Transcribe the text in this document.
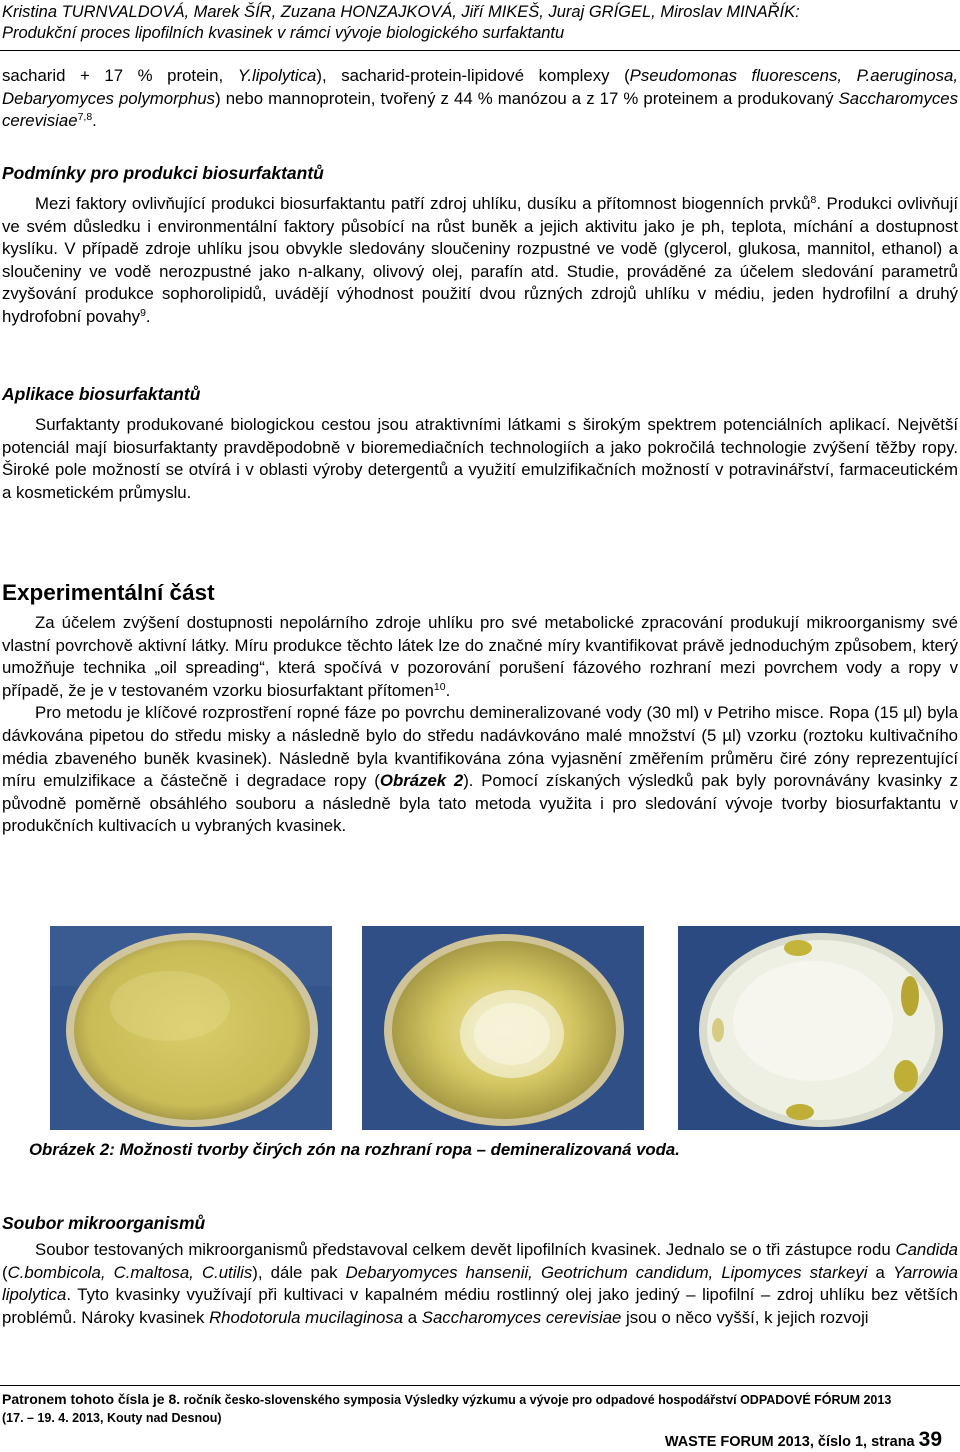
Kristina TURNVALDOVÁ, Marek ŠÍR, Zuzana HONZAJKOVÁ, Jiří MIKEŠ, Juraj GRÍGEL, Miroslav MINAŘÍK:
Produkční proces lipofilních kvasinek v rámci vývoje biologického surfaktantu

sacharid + 17 % protein, Y.lipolytica), sacharid-protein-lipidové komplexy (Pseudomonas fluorescens, P.aeruginosa, Debaryomyces polymorphus) nebo mannoprotein, tvořený z 44 % manózou a z 17 % proteinem a produkovaný Saccharomyces cerevisiae$^{7,8}$.

Podmínky pro produkci biosurfaktantů

Mezi faktory ovlivňující produkci biosurfaktantu patří zdroj uhlíku, dusíku a přítomnost biogenních prvků$^8$. Produkci ovlivňují ve svém důsledku i environmentální faktory působící na růst buněk a jejich aktivitu jako je ph, teplota, míchání a dostupnost kyslíku. V případě zdroje uhlíku jsou obvykle sledovány sloučeniny rozpustné ve vodě (glycerol, glukosa, mannitol, ethanol) a sloučeniny ve vodě nerozpustné jako n-alkany, olivový olej, parafín atd. Studie, prováděné za účelem sledování parametrů zvyšování produkce sophorolipidů, uvádějí výhodnost použití dvou různých zdrojů uhlíku v médiu, jeden hydrofilní a druhý hydrofobní povahy$^9$.

Aplikace biosurfaktantů

Surfaktanty produkované biologickou cestou jsou atraktivními látkami s širokým spektrem potenciálních aplikací. Největší potenciál mají biosurfaktanty pravděpodobně v bioremediačních technologiích a jako pokročilá technologie zvýšení těžby ropy. Široké pole možností se otvírá i v oblasti výroby detergentů a využití emulzifikačních možností v potravinářství, farmaceutickém a kosmetickém průmyslu.

Experimentální část

Za účelem zvýšení dostupnosti nepolárního zdroje uhlíku pro své metabolické zpracování produkují mikroorganismy své vlastní povrchově aktivní látky. Míru produkce těchto látek lze do značné míry kvantifikovat právě jednoduchým způsobem, který umožňuje technika „oil spreading“, která spočívá v pozorování porušení fázového rozhraní mezi povrchem vody a ropy v případě, že je v testovaném vzorku biosurfaktant přítomen$^{10}$.

Pro metodu je klíčové rozprostření ropné fáze po povrchu demineralizované vody (30 ml) v Petriho misce. Ropa (15 µl) byla dávkována pipetou do středu misky a následně bylo do středu nadávkováno malé množství (5 µl) vzorku (roztoku kultivačního média zbaveného buněk kvasinek). Následně byla kvantifikována zóna vyjasnění změřením průměru čiré zóny reprezentující míru emulzifikace a částečně i degradace ropy (Obrázek 2). Pomocí získaných výsledků pak byly porovnávány kvasinky z původně poměrně obsáhlého souboru a následně byla tato metoda využita i pro sledování vývoje tvorby biosurfaktantu v produkčních kultivacích u vybraných kvasinek.

Obrázek 2: Možnosti tvorby čirých zón na rozhraní ropa – demineralizovaná voda.
Soubor mikroorganismů

Soubor testovaných mikroorganismů představoval celkem devět lipofilních kvasinek. Jednalo se o tři zástupce rodu Candida (C.bombicola, C.maltosa, C.utilis), dále pak Debaryomyces hansenii, Geotrichum candidum, Lipomyces starkeyi a Yarrowia lipolytica. Tyto kvasinky využívají při kultivaci v kapalném médiu rostlinný olej jako jediný – lipofilní – zdroj uhlíku bez větších problémů. Nároky kvasinek Rhodotorula mucilaginosa a Saccharomyces cerevisiae jsou o něco vyšší, k jejich rozvoji

Patronem tohoto čísla je 8. ročník česko-slovenského symposia Výsledky výzkumu a vývoje pro odpadové hospodářství ODPADOVÉ FÓRUM 2013
(17. – 19. 4. 2013, Kouty nad Desnou)
WASTE FORUM 2013, číslo 1, strana 39
